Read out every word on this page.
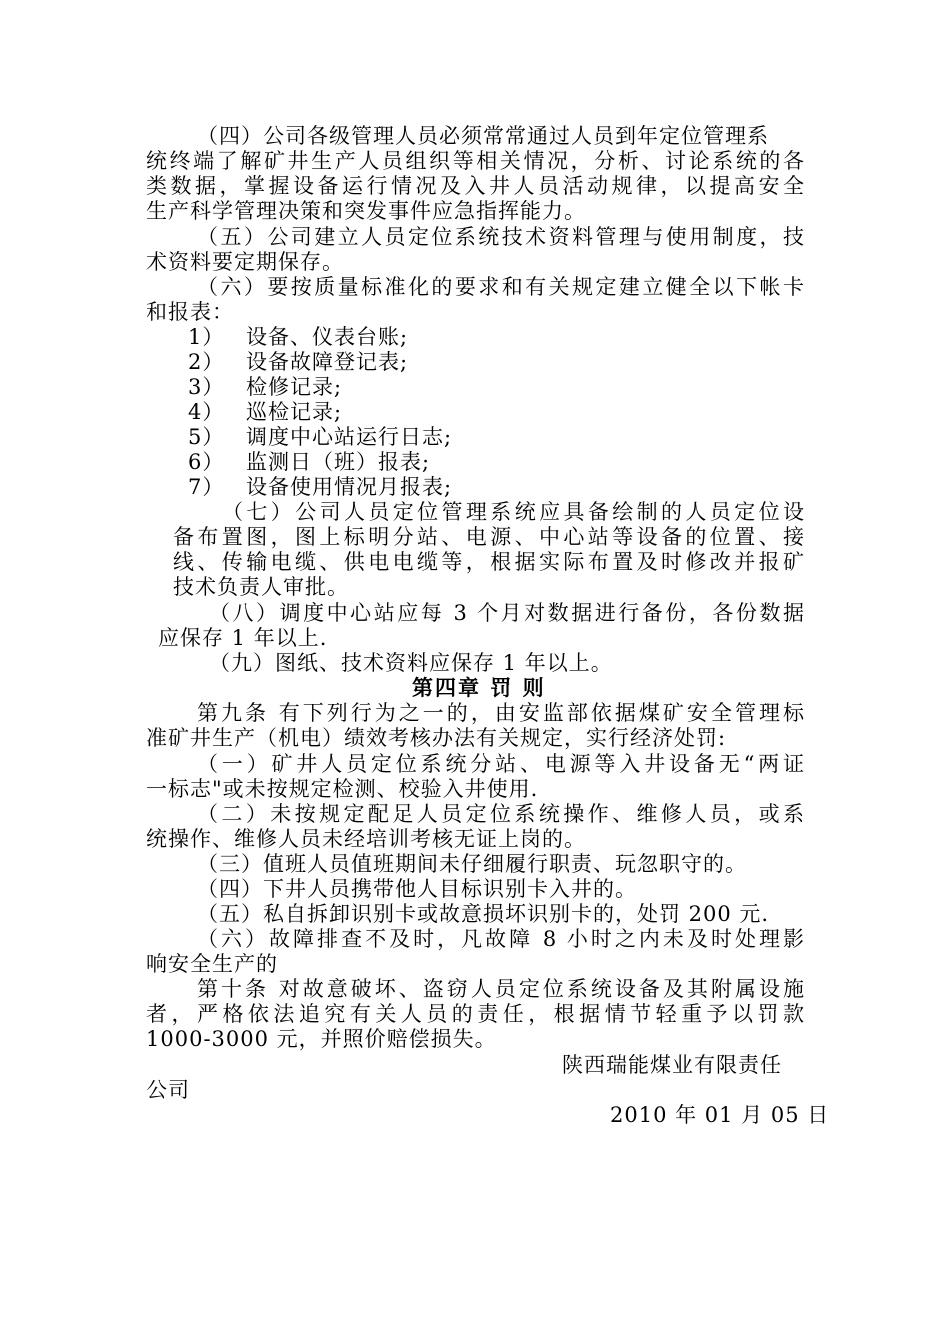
（四）公司各级管理人员必须常常通过人员到年定位管理系
统终端了解矿井生产人员组织等相关情况，分析、讨论系统的各
类数据，掌握设备运行情况及入井人员活动规律，以提高安全
生产科学管理决策和突发事件应急指挥能力。
（五）公司建立人员定位系统技术资料管理与使用制度，技
术资料要定期保存。
（六）要按质量标准化的要求和有关规定建立健全以下帐卡
和报表：
1） 设备、仪表台账;
2） 设备故障登记表;
3） 检修记录;
4） 巡检记录;
5） 调度中心站运行日志;
6） 监测日（班）报表;
7） 设备使用情况月报表;
（七）公司人员定位管理系统应具备绘制的人员定位设
备布置图，图上标明分站、电源、中心站等设备的位置、接
线、传输电缆、供电电缆等，根据实际布置及时修改并报矿
技术负责人审批。
（八）调度中心站应每 3 个月对数据进行备份，各份数据
应保存 1 年以上.
（九）图纸、技术资料应保存 1 年以上。
第四章 罚 则
第九条 有下列行为之一的，由安监部依据煤矿安全管理标
准矿井生产（机电）绩效考核办法有关规定，实行经济处罚:
（一）矿井人员定位系统分站、电源等入井设备无“两证
一标志"或未按规定检测、校验入井使用.
（二）未按规定配足人员定位系统操作、维修人员，或系
统操作、维修人员未经培训考核无证上岗的。
（三）值班人员值班期间未仔细履行职责、玩忽职守的。
（四）下井人员携带他人目标识别卡入井的。
（五）私自拆卸识别卡或故意损坏识别卡的，处罚 200 元.
（六）故障排查不及时，凡故障 8 小时之内未及时处理影
响安全生产的
第十条 对故意破坏、盗窃人员定位系统设备及其附属设施
者，严格依法追究有关人员的责任，根据情节轻重予以罚款
1000-3000 元，并照价赔偿损失。
陕西瑞能煤业有限责任
公司
2010 年 01 月 05 日
